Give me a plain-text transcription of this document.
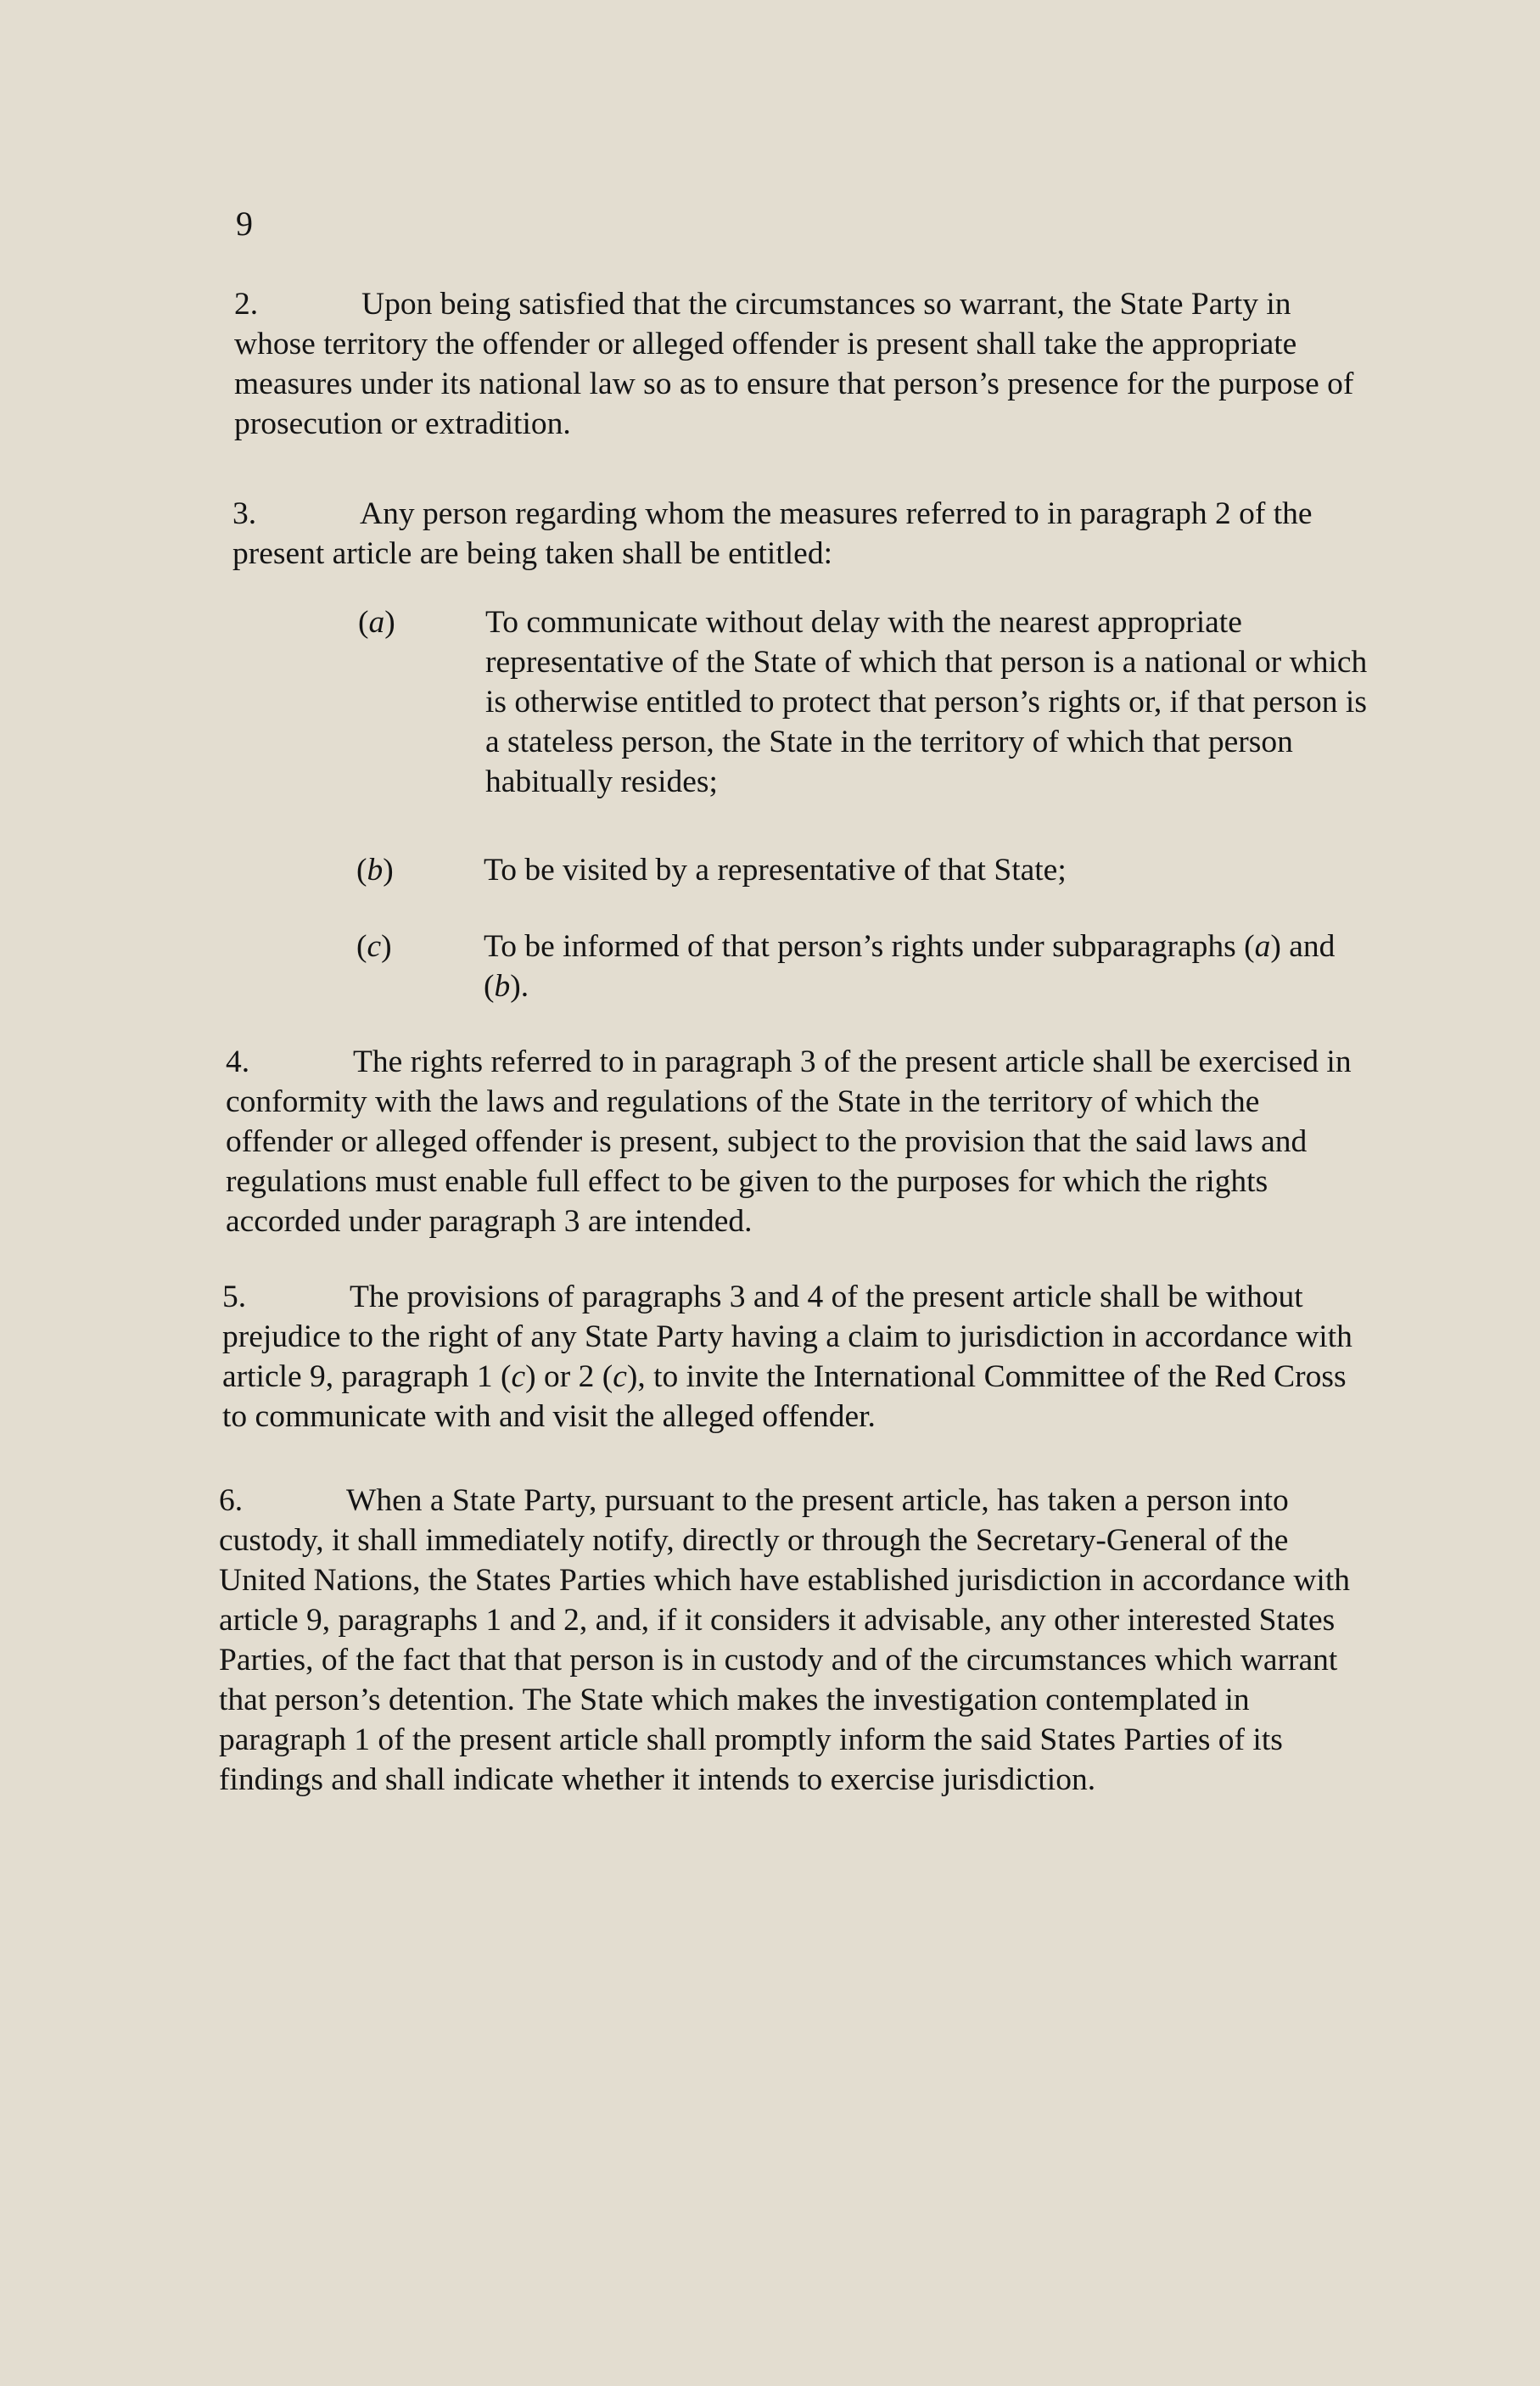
9

2.	Upon being satisfied that the circumstances so warrant, the State Party in whose territory the offender or alleged offender is present shall take the appropriate measures under its national law so as to ensure that person’s presence for the purpose of prosecution or extradition.

3.	Any person regarding whom the measures referred to in paragraph 2 of the present article are being taken shall be entitled:

(a)	To communicate without delay with the nearest appropriate representative of the State of which that person is a national or which is otherwise entitled to protect that person’s rights or, if that person is a stateless person, the State in the territory of which that person habitually resides;
(b)	To be visited by a representative of that State;
(c)	To be informed of that person’s rights under subparagraphs (a) and (b).

4.	The rights referred to in paragraph 3 of the present article shall be exercised in conformity with the laws and regulations of the State in the territory of which the offender or alleged offender is present, subject to the provision that the said laws and regulations must enable full effect to be given to the purposes for which the rights accorded under paragraph 3 are intended.

5.	The provisions of paragraphs 3 and 4 of the present article shall be without prejudice to the right of any State Party having a claim to jurisdiction in accordance with article 9, paragraph 1 (c) or 2 (c), to invite the International Committee of the Red Cross to communicate with and visit the alleged offender.

6.	When a State Party, pursuant to the present article, has taken a person into custody, it shall immediately notify, directly or through the Secretary-General of the United Nations, the States Parties which have established jurisdiction in accordance with article 9, paragraphs 1 and 2, and, if it considers it advisable, any other interested States Parties, of the fact that that person is in custody and of the circumstances which warrant that person’s detention. The State which makes the investigation contemplated in paragraph 1 of the present article shall promptly inform the said States Parties of its findings and shall indicate whether it intends to exercise jurisdiction.
